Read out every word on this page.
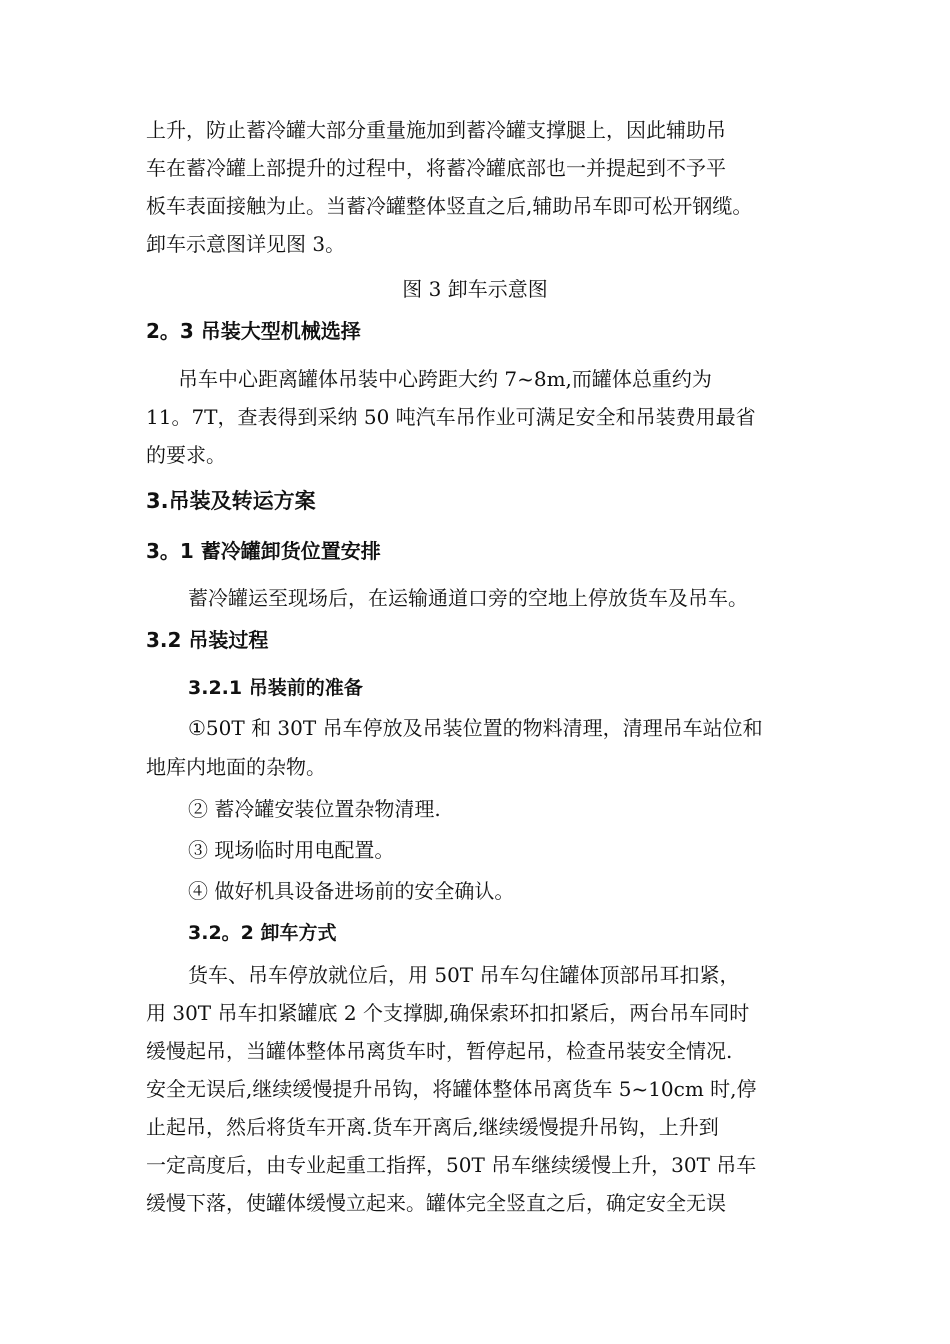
上升，防止蓄冷罐大部分重量施加到蓄冷罐支撑腿上，因此辅助吊

车在蓄冷罐上部提升的过程中，将蓄冷罐底部也一并提起到不予平

板车表面接触为止。当蓄冷罐整体竖直之后,辅助吊车即可松开钢缆。

卸车示意图详见图 3。

图 3 卸车示意图

2。3 吊装大型机械选择

吊车中心距离罐体吊装中心跨距大约 7~8m,而罐体总重约为

11。7T，查表得到采纳 50 吨汽车吊作业可满足安全和吊装费用最省

的要求。

3.吊装及转运方案

3。1 蓄冷罐卸货位置安排

蓄冷罐运至现场后，在运输通道口旁的空地上停放货车及吊车。

3.2 吊装过程

3.2.1 吊装前的准备

①50T 和 30T 吊车停放及吊装位置的物料清理，清理吊车站位和

地库内地面的杂物。

② 蓄冷罐安装位置杂物清理.

③ 现场临时用电配置。

④ 做好机具设备进场前的安全确认。

3.2。2 卸车方式

货车、吊车停放就位后，用 50T 吊车勾住罐体顶部吊耳扣紧，

用 30T 吊车扣紧罐底 2 个支撑脚,确保索环扣扣紧后，两台吊车同时

缓慢起吊，当罐体整体吊离货车时，暂停起吊，检查吊装安全情况.

安全无误后,继续缓慢提升吊钩，将罐体整体吊离货车 5~10cm 时,停

止起吊，然后将货车开离.货车开离后,继续缓慢提升吊钩，上升到

一定高度后，由专业起重工指挥，50T 吊车继续缓慢上升，30T 吊车

缓慢下落，使罐体缓慢立起来。罐体完全竖直之后，确定安全无误
